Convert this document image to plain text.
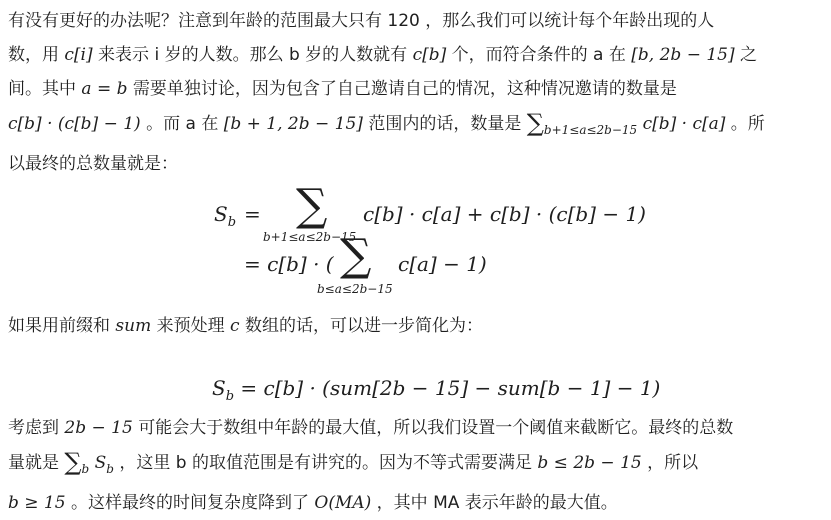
有没有更好的办法呢？注意到年龄的范围最大只有 120 ，那么我们可以统计每个年龄出现的人
数，用 c[i] 来表示 i 岁的人数。那么 b 岁的人数就有 c[b] 个，而符合条件的 a 在 [b, 2b − 15] 之
间。其中 a = b 需要单独讨论，因为包含了自己邀请自己的情况，这种情况邀请的数量是
c[b] · (c[b] − 1) 。而 a 在 [b + 1, 2b − 15] 范围内的话，数量是 $\sum_{b+1\le a\le 2b-15}$ c[b] · c[a] 。所
以最终的总数量就是：
$S_b$ = ∑
b+1≤a≤2b−15
c[b] · c[a] + c[b] · (c[b] − 1)
= c[b] · ( ∑
b≤a≤2b−15
c[a] − 1)
如果用前缀和 sum 来预处理 c 数组的话，可以进一步简化为：
$S_b = c[b] \cdot (sum[2b - 15] - sum[b - 1] - 1)$
考虑到 2b − 15 可能会大于数组中年龄的最大值，所以我们设置一个阈值来截断它。最终的总数
量就是 $\sum_b$ $S_b$ ，这里 b 的取值范围是有讲究的。因为不等式需要满足 b ≤ 2b − 15 ，所以
b ≥ 15 。这样最终的时间复杂度降到了 O(MA) ，其中 MA 表示年龄的最大值。
